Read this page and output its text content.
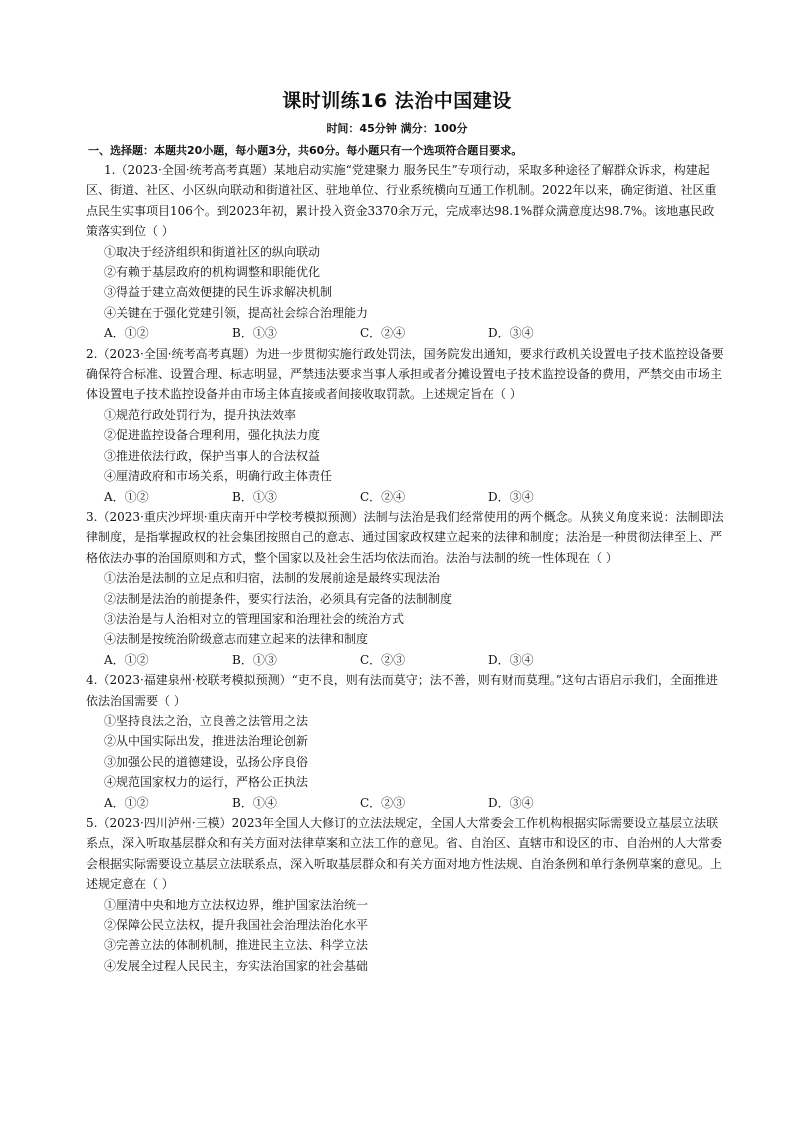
课时训练16 法治中国建设
时间：45分钟 满分：100分
一、选择题：本题共20小题，每小题3分，共60分。每小题只有一个选项符合题目要求。

1.（2023·全国·统考高考真题）某地启动实施“党建聚力 服务民生”专项行动，采取多种途径了解群众诉求，构建起区、街道、社区、小区纵向联动和街道社区、驻地单位、行业系统横向互通工作机制。2022年以来，确定街道、社区重点民生实事项目106个。到2023年初，累计投入资金3370余万元，完成率达98.1%群众满意度达98.7%。该地惠民政策落实到位（ ）

①取决于经济组织和街道社区的纵向联动

②有赖于基层政府的机构调整和职能优化

③得益于建立高效便捷的民生诉求解决机制

④关键在于强化党建引领，提高社会综合治理能力

A．①②	B．①③	C．②④	D．③④

2.（2023·全国·统考高考真题）为进一步贯彻实施行政处罚法，国务院发出通知，要求行政机关设置电子技术监控设备要确保符合标准、设置合理、标志明显，严禁违法要求当事人承担或者分摊设置电子技术监控设备的费用，严禁交由市场主体设置电子技术监控设备并由市场主体直接或者间接收取罚款。上述规定旨在（ ）

①规范行政处罚行为，提升执法效率

②促进监控设备合理利用，强化执法力度

③推进依法行政，保护当事人的合法权益

④厘清政府和市场关系，明确行政主体责任

A．①②	B．①③	C．②④	D．③④

3.（2023·重庆沙坪坝·重庆南开中学校考模拟预测）法制与法治是我们经常使用的两个概念。从狭义角度来说：法制即法律制度，是指掌握政权的社会集团按照自己的意志、通过国家政权建立起来的法律和制度；法治是一种贯彻法律至上、严格依法办事的治国原则和方式，整个国家以及社会生活均依法而治。法治与法制的统一性体现在（ ）

①法治是法制的立足点和归宿，法制的发展前途是最终实现法治

②法制是法治的前提条件，要实行法治，必须具有完备的法制制度

③法治是与人治相对立的管理国家和治理社会的统治方式

④法制是按统治阶级意志而建立起来的法律和制度

A．①②	B．①③	C．②③	D．③④

4.（2023·福建泉州·校联考模拟预测）“吏不良，则有法而莫守；法不善，则有财而莫理。”这句古语启示我们，全面推进依法治国需要（ ）

①坚持良法之治，立良善之法管用之法

②从中国实际出发，推进法治理论创新

③加强公民的道德建设，弘扬公序良俗

④规范国家权力的运行，严格公正执法

A．①②	B．①④	C．②③	D．③④

5.（2023·四川泸州·三模）2023年全国人大修订的立法法规定，全国人大常委会工作机构根据实际需要设立基层立法联系点，深入听取基层群众和有关方面对法律草案和立法工作的意见。省、自治区、直辖市和设区的市、自治州的人大常委会根据实际需要设立基层立法联系点，深入听取基层群众和有关方面对地方性法规、自治条例和单行条例草案的意见。上述规定意在（ ）

①厘清中央和地方立法权边界，维护国家法治统一

②保障公民立法权，提升我国社会治理法治化水平

③完善立法的体制机制，推进民主立法、科学立法

④发展全过程人民民主，夯实法治国家的社会基础
